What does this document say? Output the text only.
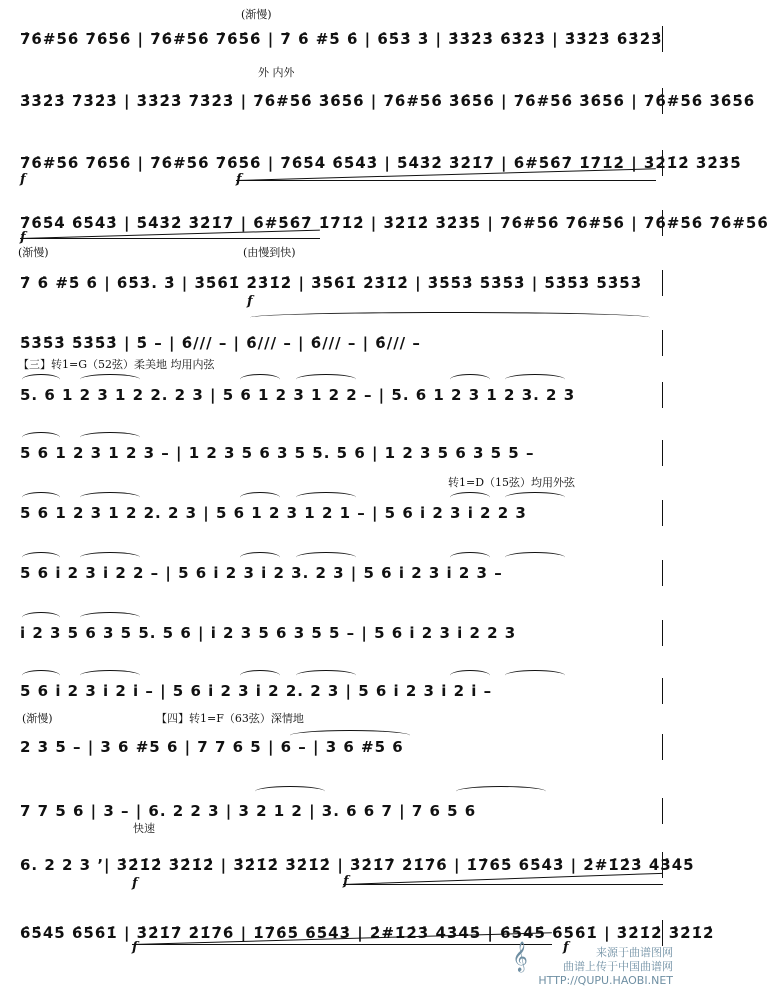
(渐慢)
7̇6̇#5̇6̇ 7̇6̇5̇6̇ | 7̇6̇#5̇6̇ 7̇6̇5̇6̇ | 7̇ 6̇ #5̇ 6̇ | 6̇5̇3̇ 3̇ | 3̇3̇2̇3̇ 6̇3̇2̇3̇ | 3̇3̇2̇3̇ 6̇3̇2̇3̇
外 内外
3̇3̇2̇3̇ 7̇3̇2̇3̇ | 3̇3̇2̇3̇ 7̇3̇2̇3̇ | 7̇6̇#5̇6̇ 3̇6̇5̇6̇ | 7̇6̇#5̇6̇ 3̇6̇5̇6̇ | 7̇6̇#5̇6̇ 3̇6̇5̇6̇ | 7̇6̇#5̇6̇ 3̇6̇5̇6̇
7̇6̇#5̇6̇ 7̇6̇5̇6̇ | 7̇6̇#5̇6̇ 7̇6̇5̇6̇ | 7̇6̇5̇4̇ 6̇5̇4̇3̇ | 5̇4̇3̇2̇ 3̇2̇1̇7̇ | 6̇#5̇6̇7̇ 1̇7̇1̇2̇ | 3̇2̇1̇2̇ 3̇2̇3̇5̇
f	f
7̇6̇5̇4̇ 6̇5̇4̇3̇ | 5̇4̇3̇2̇ 3̇2̇1̇7̇ | 6̇#5̇6̇7̇ 1̇7̇1̇2̇ | 3̇2̇1̇2̇ 3̇2̇3̇5̇ | 7̇6̇#5̇6̇ 7̇6̇#5̇6̇ | 7̇6̇#5̇6̇ 7̇6̇#5̇6̇
f
(渐慢)	(由慢到快)
7̇ 6̇ #5̇ 6̇ | 6̇5̇3̇. 3̇ | 3̇5̇6̇1̇ 2̇3̇1̇2̇ | 3̇5̇6̇1̇ 2̇3̇1̇2̇ | 3̇5̇5̇3̇ 5̇3̇5̇3̇ | 5̇3̇5̇3̇ 5̇3̇5̇3̇
f
5̇3̇5̇3̇ 5̇3̇5̇3̇ | 5̇ – | 6̇/// – | 6̇/// – | 6̇/// – | 6̇/// –
【三】转1=G（52弦）柔美地 均用内弦
5. 6 1 2 3 1 2 2. 2 3 | 5 6 1 2 3 1 2 2 – | 5. 6 1 2 3 1 2 3. 2 3
5 6 1 2 3 1 2 3 – | 1 2 3 5 6 3 5 5. 5 6 | 1 2 3 5 6 3 5 5 –
转1=D（15弦）均用外弦
5 6 1 2 3 1 2 2. 2 3 | 5 6 1 2 3 1 2 1 – | 5 6 i 2 3 i 2 2 3
5 6 i 2 3 i 2 2 – | 5 6 i 2 3 i 2 3. 2 3 | 5 6 i 2 3 i 2 3 –
i 2 3 5 6 3 5 5. 5 6 | i 2 3 5 6 3 5 5 – | 5 6 i 2 3 i 2 2 3
5 6 i 2 3 i 2 i – | 5 6 i 2 3 i 2 2. 2 3 | 5 6 i 2 3 i 2 i –
(渐慢)	【四】转1=F（63弦）深情地
2 3 5 – | 3 6 #5 6 | 7 7 6 5 | 6 – | 3 6 #5 6
7 7 5 6 | 3 – | 6. 2 2 3 | 3 2 1 2 | 3. 6 6 7 | 7 6 5 6
快速
6. 2 2 3 ’| 3̇2̇1̇2̇ 3̇2̇1̇2̇ | 3̇2̇1̇2̇ 3̇2̇1̇2̇ | 3̇2̇1̇7̇ 2̇1̇7̇6̇ | 1̇7̇6̇5̇ 6̇5̇4̇3̇ | 2̇#1̇2̇3̇ 4̇3̇4̇5̇
f	f
6̇5̇4̇5̇ 6̇5̇6̇1̇ | 3̇2̇1̇7̇ 2̇1̇7̇6̇ | 1̇7̇6̇5̇ 6̇5̇4̇3̇ | 2̇#1̇2̇3̇ 4̇3̇4̇5̇ | 6̇5̇4̇5̇ 6̇5̇6̇1̇ | 3̇2̇1̇2̇ 3̇2̇1̇2̇
f	f
𝄞	来源于曲谱图网
曲谱上传于中国曲谱网
HTTP://QUPU.HAOBI.NET
